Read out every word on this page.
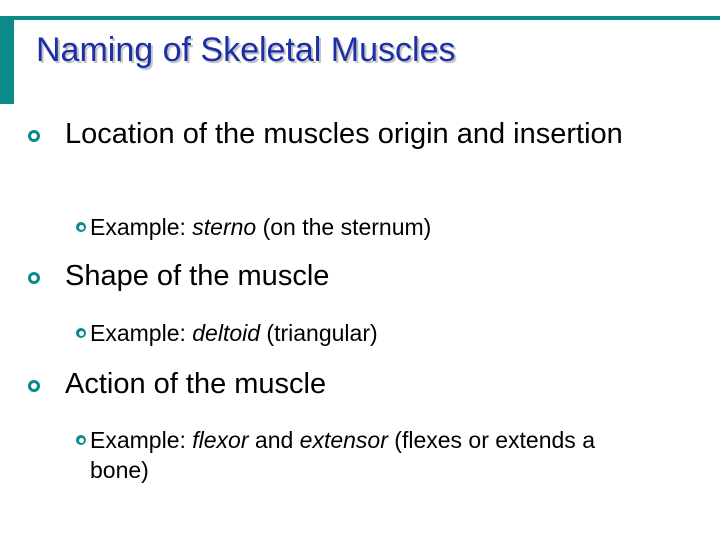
Naming of Skeletal Muscles
Location of the muscles origin and insertion
Example: sterno (on the sternum)
Shape of the muscle
Example: deltoid (triangular)
Action of the muscle
Example: flexor and extensor (flexes or extends a bone)
